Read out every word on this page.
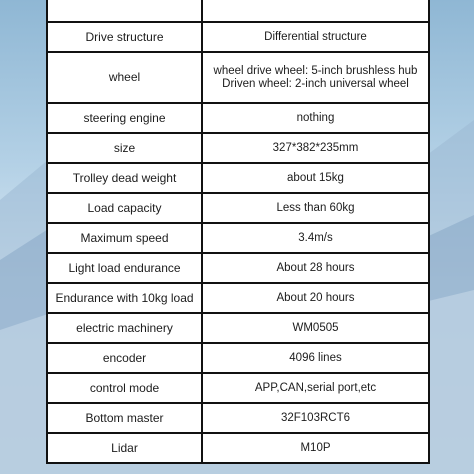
Drive structure	Differential structure
wheel	wheel drive wheel: 5-inch brushless hub
Driven wheel: 2-inch universal wheel

steering engine	nothing
size	327*382*235mm
Trolley dead weight	about 15kg
Load capacity	Less than 60kg
Maximum speed	3.4m/s
Light load endurance	About 28 hours
Endurance with 10kg load	About 20 hours
electric machinery	WM0505
encoder	4096 lines
control mode	APP,CAN,serial port,etc
Bottom master	32F103RCT6
Lidar	M10P
